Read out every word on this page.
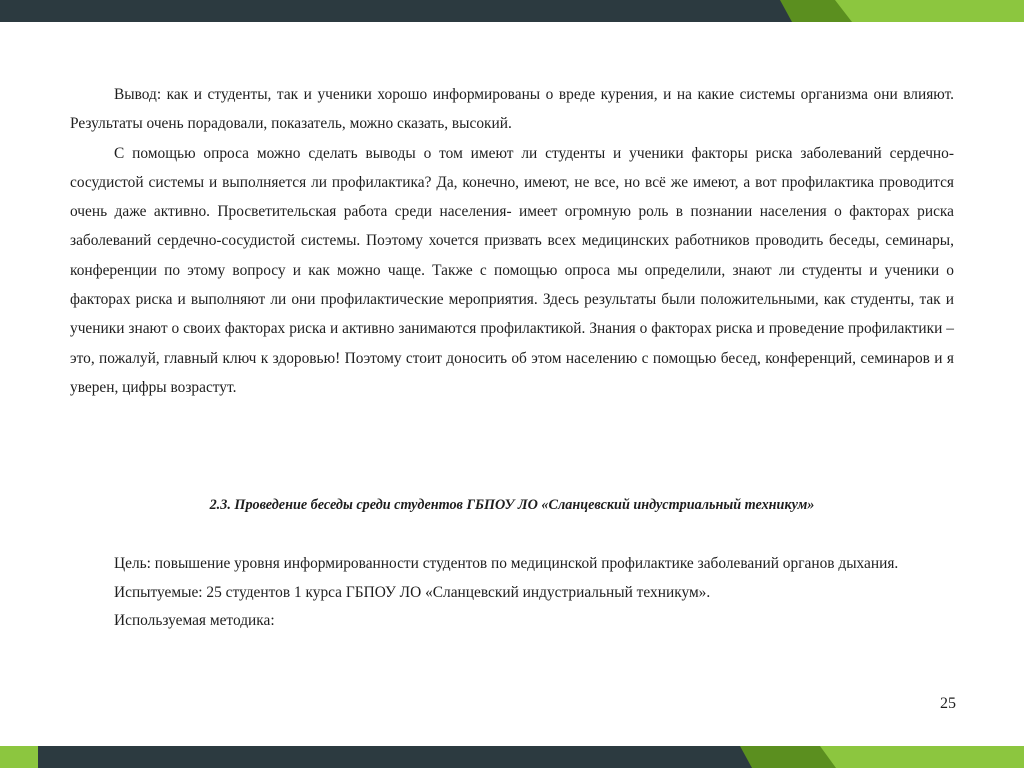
Вывод: как и студенты, так и ученики хорошо информированы о вреде курения, и на какие системы организма они влияют. Результаты очень порадовали, показатель, можно сказать, высокий.

С помощью опроса можно сделать выводы о том имеют ли студенты и ученики факторы риска заболеваний сердечно-сосудистой системы и выполняется ли профилактика? Да, конечно, имеют, не все, но всё же имеют, а вот профилактика проводится очень даже активно. Просветительская работа среди населения- имеет огромную роль в познании населения о факторах риска заболеваний сердечно-сосудистой системы. Поэтому хочется призвать всех медицинских работников проводить беседы, семинары, конференции по этому вопросу и как можно чаще. Также с помощью опроса мы определили, знают ли студенты и ученики о факторах риска и выполняют ли они профилактические мероприятия. Здесь результаты были положительными, как студенты, так и ученики знают о своих факторах риска и активно занимаются профилактикой. Знания о факторах риска и проведение профилактики – это, пожалуй, главный ключ к здоровью! Поэтому стоит доносить об этом населению с помощью бесед, конференций, семинаров и я уверен, цифры возрастут.

2.3. Проведение беседы среди студентов ГБПОУ ЛО «Сланцевский индустриальный техникум»

Цель: повышение уровня информированности студентов по медицинской профилактике заболеваний органов дыхания.

Испытуемые: 25 студентов 1 курса ГБПОУ ЛО «Сланцевский индустриальный техникум».

Используемая методика:

25
